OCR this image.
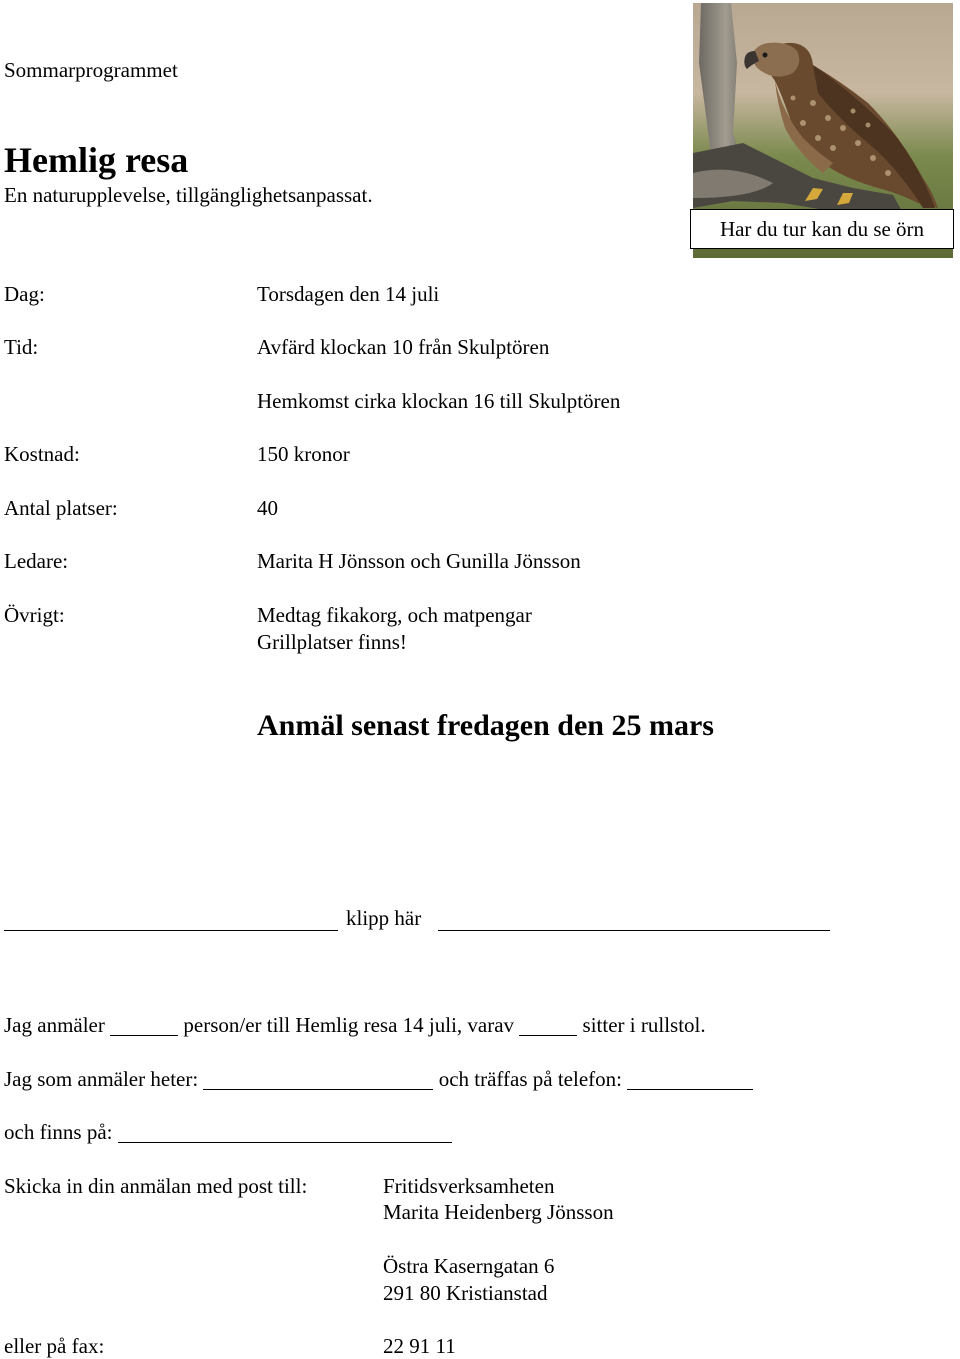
Sommarprogrammet
Hemlig resa
En naturupplevelse, tillgänglighetsanpassat.
Har du tur kan du se örn
Dag:	Torsdagen den 14 juli
Tid:	Avfärd klockan 10 från Skulptören
Hemkomst cirka klockan 16 till Skulptören
Kostnad:	150 kronor
Antal platser:	40
Ledare:	Marita H Jönsson och Gunilla Jönsson
Övrigt:	Medtag fikakorg, och matpengar
Grillplatser finns!
Anmäl senast fredagen den 25 mars
klipp här
Jag anmäler	person/er till Hemlig resa 14 juli, varav	sitter i rullstol.
Jag som anmäler heter:	och träffas på telefon:
och finns på:
Skicka in din anmälan med post till:	Fritidsverksamheten
Marita Heidenberg Jönsson
Östra Kaserngatan 6
291 80 Kristianstad
eller på fax:	22 91 11
